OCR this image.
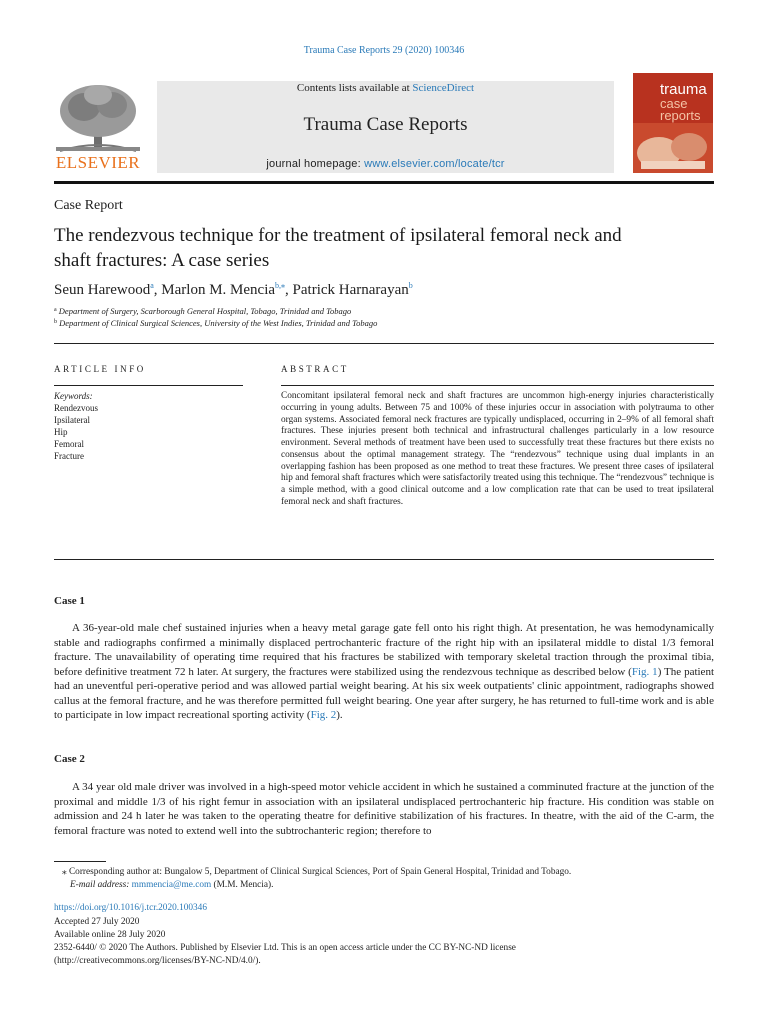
Trauma Case Reports 29 (2020) 100346
ELSEVIER
Contents lists available at ScienceDirect
Trauma Case Reports
journal homepage: www.elsevier.com/locate/tcr
trauma
case
reports
Case Report
The rendezvous technique for the treatment of ipsilateral femoral neck and shaft fractures: A case series
Seun Harewood$^a$, Marlon M. Mencia$^{b,⁎}$, Patrick Harnarayan$^b$
$^a$ Department of Surgery, Scarborough General Hospital, Tobago, Trinidad and Tobago
$^b$ Department of Clinical Surgical Sciences, University of the West Indies, Trinidad and Tobago
ARTICLE INFO
Keywords:
Rendezvous
Ipsilateral
Hip
Femoral
Fracture
ABSTRACT
Concomitant ipsilateral femoral neck and shaft fractures are uncommon high-energy injuries characteristically occurring in young adults. Between 75 and 100% of these injuries occur in association with polytrauma to other organ systems. Associated femoral neck fractures are typically undisplaced, occurring in 2–9% of all femoral shaft fractures. These injuries present both technical and infrastructural challenges particularly in a low resource environment. Several methods of treatment have been used to successfully treat these fractures but there exists no consensus about the optimal management strategy. The “rendezvous” technique using dual implants in an overlapping fashion has been proposed as one method to treat these fractures. We present three cases of ipsilateral hip and femoral shaft fractures which were satisfactorily treated using this technique. The “rendezvous” technique is a simple method, with a good clinical outcome and a low complication rate that can be used to treat ipsilateral femoral neck and shaft fractures.
Case 1
A 36-year-old male chef sustained injuries when a heavy metal garage gate fell onto his right thigh. At presentation, he was hemodynamically stable and radiographs confirmed a minimally displaced pertrochanteric fracture of the right hip with an ipsilateral middle to distal 1/3 femoral fracture. The unavailability of operating time required that his fractures be stabilized with temporary skeletal traction through the proximal tibia, before definitive treatment 72 h later. At surgery, the fractures were stabilized using the rendezvous technique as described below (Fig. 1) The patient had an uneventful peri-operative period and was allowed partial weight bearing. At his six week outpatients' clinic appointment, radiographs showed callus at the femoral fracture, and he was therefore permitted full weight bearing. One year after surgery, he has returned to full-time work and is able to participate in low impact recreational sporting activity (Fig. 2).
Case 2
A 34 year old male driver was involved in a high-speed motor vehicle accident in which he sustained a comminuted fracture at the junction of the proximal and middle 1/3 of his right femur in association with an ipsilateral undisplaced pertrochanteric hip fracture. His condition was stable on admission and 24 h later he was taken to the operating theatre for definitive stabilization of his fractures. In theatre, with the aid of the C-arm, the femoral fracture was noted to extend well into the subtrochanteric region; therefore to
⁎ Corresponding author at: Bungalow 5, Department of Clinical Surgical Sciences, Port of Spain General Hospital, Trinidad and Tobago.
E-mail address: mmmencia@me.com (M.M. Mencia).
https://doi.org/10.1016/j.tcr.2020.100346
Accepted 27 July 2020
Available online 28 July 2020
2352-6440/ © 2020 The Authors. Published by Elsevier Ltd. This is an open access article under the CC BY-NC-ND license
(http://creativecommons.org/licenses/BY-NC-ND/4.0/).
